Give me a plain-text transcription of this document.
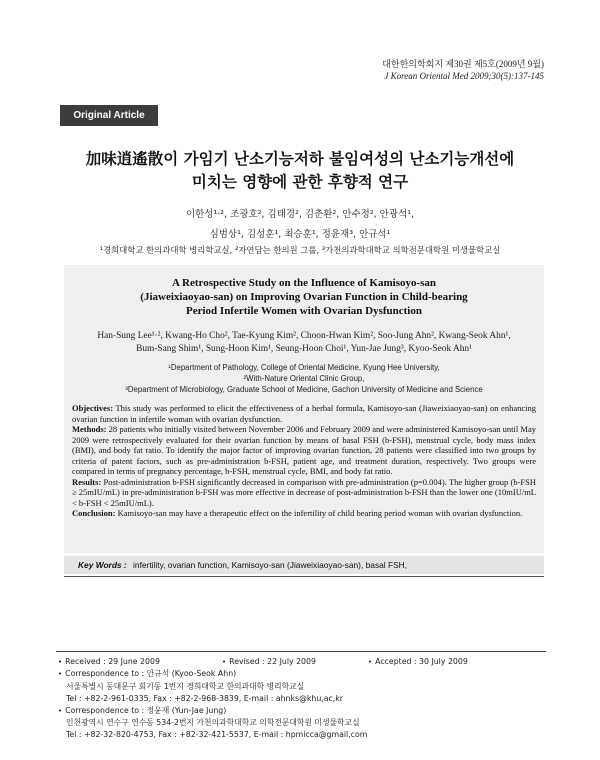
대한한의학회지 제30권 제5호(2009년 9월)
J Korean Oriental Med 2009;30(5):137-145
Original Article
加味逍遙散이 가임기 난소기능저하 불임여성의 난소기능개선에
미치는 영향에 관한 후향적 연구
이한성¹·², 조광호², 김태경², 김춘환², 안수정², 안광석¹,
심범상¹, 김성훈¹, 최승훈¹, 정윤재³, 안규석¹
¹경희대학교 한의과대학 병리학교실, ²자연담는 한의원 그룹, ³가천의과학대학교 의학전문대학원 미생물학교실
A Retrospective Study on the Influence of Kamisoyo-san
(Jiaweixiaoyao-san) on Improving Ovarian Function in Child-bearing
Period Infertile Women with Ovarian Dysfunction
Han-Sung Lee¹·², Kwang-Ho Cho², Tae-Kyung Kim², Choon-Hwan Kim², Soo-Jung Ahn², Kwang-Seok Ahn¹,
Bum-Sang Shim¹, Sung-Hoon Kim¹, Seung-Hoon Choi¹, Yun-Jae Jung³, Kyoo-Seok Ahn¹
¹Department of Pathology, College of Oriental Medicine, Kyung Hee University,
²With-Nature Oriental Clinic Group,
³Department of Microbiology, Graduate School of Medicine, Gachon University of Medicine and Science

Objectives: This study was performed to elicit the effectiveness of a herbal formula, Kamisoyo-san (Jiaweixiaoyao-san) on enhancing ovarian function in infertile woman with ovarian dysfunction.

Methods: 28 patients who initially visited between November 2006 and February 2009 and were administered Kamisoyo-san until May 2009 were retrospectively evaluated for their ovarian function by means of basal FSH (b-FSH), menstrual cycle, body mass index (BMI), and body fat ratio. To identify the major factor of improving ovarian function, 28 patients were classified into two groups by criteria of patent factors, such as pre-administration b-FSH, patient age, and treatment duration, respectively. Two groups were compared in terms of pregnancy percentage, b-FSH, menstrual cycle, BMI, and body fat ratio.

Results: Post-administration b-FSH significantly decreased in comparison with pre-administration (p=0.004). The higher group (b-FSH ≥ 25mIU/mL) in pre-administration b-FSH was more effective in decrease of post-administration b-FSH than the lower one (10mIU/mL < b-FSH < 25mIU/mL).

Conclusion: Kamisoyo-san may have a therapeutic effect on the infertility of child bearing period woman with ovarian dysfunction.

Key Words : infertility, ovarian function, Kamisoyo-san (Jiaweixiaoyao-san), basal FSH,
• Received : 29 June 2009	• Revised : 22 July 2009	• Accepted : 30 July 2009
• Correspondence to : 안규석 (Kyoo-Seok Ahn)
서울특별시 동대문구 회기동 1번지 경희대학교 한의과대학 병리학교실
Tel : +82-2-961-0335, Fax : +82-2-968-3839, E-mail : ahnks@khu,ac,kr
• Correspondence to : 정윤재 (Yun-Jae Jung)
인천광역시 연수구 연수동 534-2번지 가천의과학대학교 의학전문대학원 미생물학교실
Tel : +82-32-820-4753, Fax : +82-32-421-5537, E-mail : hpmicca@gmail,com
